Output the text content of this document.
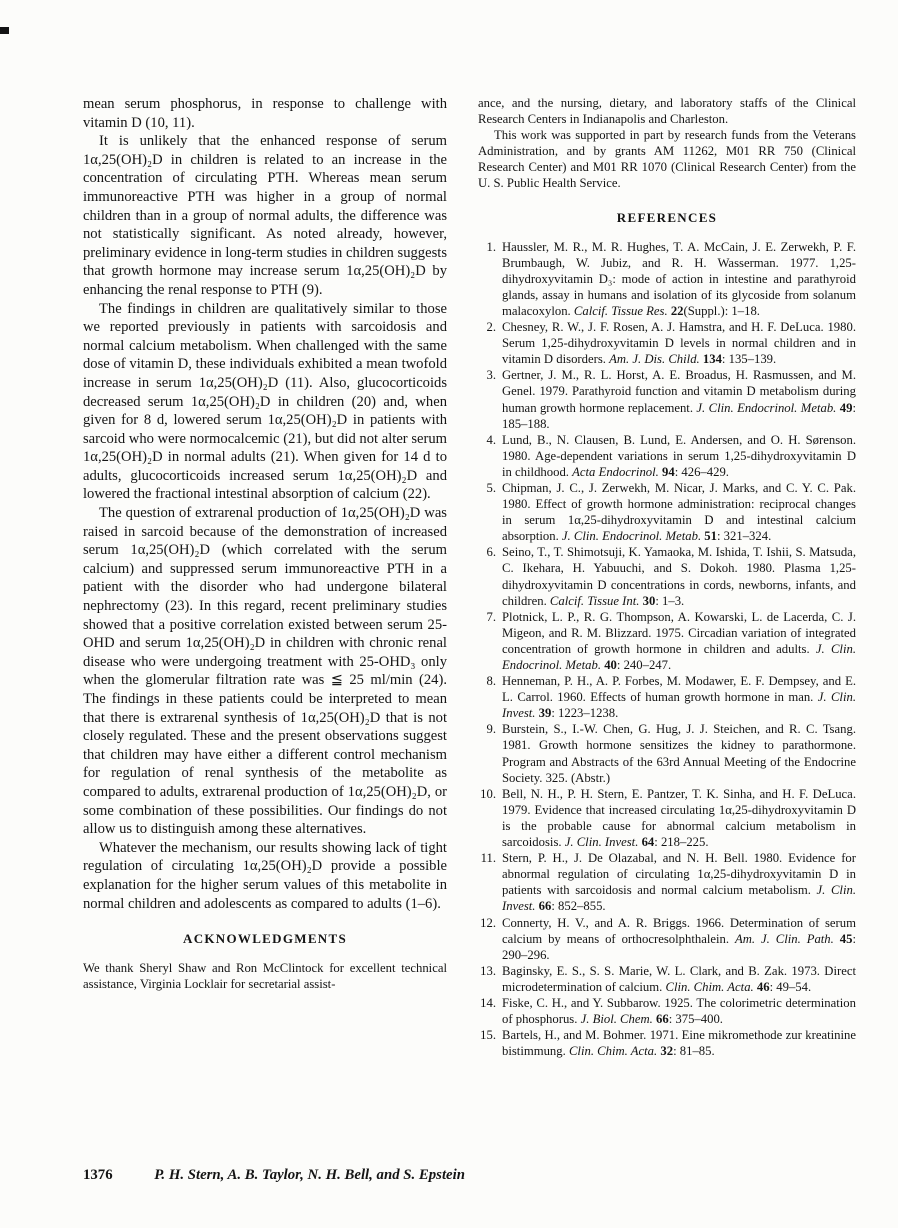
mean serum phosphorus, in response to challenge with vitamin D (10, 11).

It is unlikely that the enhanced response of serum 1α,25(OH)₂D in children is related to an increase in the concentration of circulating PTH. Whereas mean serum immunoreactive PTH was higher in a group of normal children than in a group of normal adults, the difference was not statistically significant. As noted already, however, preliminary evidence in long-term studies in children suggests that growth hormone may increase serum 1α,25(OH)₂D by enhancing the renal response to PTH (9).

The findings in children are qualitatively similar to those we reported previously in patients with sarcoidosis and normal calcium metabolism. When challenged with the same dose of vitamin D, these individuals exhibited a mean twofold increase in serum 1α,25(OH)₂D (11). Also, glucocorticoids decreased serum 1α,25(OH)₂D in children (20) and, when given for 8 d, lowered serum 1α,25(OH)₂D in patients with sarcoid who were normocalcemic (21), but did not alter serum 1α,25(OH)₂D in normal adults (21). When given for 14 d to adults, glucocorticoids increased serum 1α,25(OH)₂D and lowered the fractional intestinal absorption of calcium (22).

The question of extrarenal production of 1α,25(OH)₂D was raised in sarcoid because of the demonstration of increased serum 1α,25(OH)₂D (which correlated with the serum calcium) and suppressed serum immunoreactive PTH in a patient with the disorder who had undergone bilateral nephrectomy (23). In this regard, recent preliminary studies showed that a positive correlation existed between serum 25-OHD and serum 1α,25(OH)₂D in children with chronic renal disease who were undergoing treatment with 25-OHD₃ only when the glomerular filtration rate was ≦ 25 ml/min (24). The findings in these patients could be interpreted to mean that there is extrarenal synthesis of 1α,25(OH)₂D that is not closely regulated. These and the present observations suggest that children may have either a different control mechanism for regulation of renal synthesis of the metabolite as compared to adults, extrarenal production of 1α,25(OH)₂D, or some combination of these possibilities. Our findings do not allow us to distinguish among these alternatives.

Whatever the mechanism, our results showing lack of tight regulation of circulating 1α,25(OH)₂D provide a possible explanation for the higher serum values of this metabolite in normal children and adolescents as compared to adults (1–6).

ACKNOWLEDGMENTS

We thank Sheryl Shaw and Ron McClintock for excellent technical assistance, Virginia Locklair for secretarial assist-

ance, and the nursing, dietary, and laboratory staffs of the Clinical Research Centers in Indianapolis and Charleston.

This work was supported in part by research funds from the Veterans Administration, and by grants AM 11262, M01 RR 750 (Clinical Research Center) and M01 RR 1070 (Clinical Research Center) from the U. S. Public Health Service.

REFERENCES
1. Haussler, M. R., M. R. Hughes, T. A. McCain, J. E. Zerwekh, P. F. Brumbaugh, W. Jubiz, and R. H. Wasserman. 1977. 1,25-dihydroxyvitamin D₃: mode of action in intestine and parathyroid glands, assay in humans and isolation of its glycoside from solanum malacoxylon. Calcif. Tissue Res. 22(Suppl.): 1–18.
2. Chesney, R. W., J. F. Rosen, A. J. Hamstra, and H. F. DeLuca. 1980. Serum 1,25-dihydroxyvitamin D levels in normal children and in vitamin D disorders. Am. J. Dis. Child. 134: 135–139.
3. Gertner, J. M., R. L. Horst, A. E. Broadus, H. Rasmussen, and M. Genel. 1979. Parathyroid function and vitamin D metabolism during human growth hormone replacement. J. Clin. Endocrinol. Metab. 49: 185–188.
4. Lund, B., N. Clausen, B. Lund, E. Andersen, and O. H. Sørenson. 1980. Age-dependent variations in serum 1,25-dihydroxyvitamin D in childhood. Acta Endocrinol. 94: 426–429.
5. Chipman, J. C., J. Zerwekh, M. Nicar, J. Marks, and C. Y. C. Pak. 1980. Effect of growth hormone administration: reciprocal changes in serum 1α,25-dihydroxyvitamin D and intestinal calcium absorption. J. Clin. Endocrinol. Metab. 51: 321–324.
6. Seino, T., T. Shimotsuji, K. Yamaoka, M. Ishida, T. Ishii, S. Matsuda, C. Ikehara, H. Yabuuchi, and S. Dokoh. 1980. Plasma 1,25-dihydroxyvitamin D concentrations in cords, newborns, infants, and children. Calcif. Tissue Int. 30: 1–3.
7. Plotnick, L. P., R. G. Thompson, A. Kowarski, L. de Lacerda, C. J. Migeon, and R. M. Blizzard. 1975. Circadian variation of integrated concentration of growth hormone in children and adults. J. Clin. Endocrinol. Metab. 40: 240–247.
8. Henneman, P. H., A. P. Forbes, M. Modawer, E. F. Dempsey, and E. L. Carrol. 1960. Effects of human growth hormone in man. J. Clin. Invest. 39: 1223–1238.
9. Burstein, S., I.-W. Chen, G. Hug, J. J. Steichen, and R. C. Tsang. 1981. Growth hormone sensitizes the kidney to parathormone. Program and Abstracts of the 63rd Annual Meeting of the Endocrine Society. 325. (Abstr.)
10. Bell, N. H., P. H. Stern, E. Pantzer, T. K. Sinha, and H. F. DeLuca. 1979. Evidence that increased circulating 1α,25-dihydroxyvitamin D is the probable cause for abnormal calcium metabolism in sarcoidosis. J. Clin. Invest. 64: 218–225.
11. Stern, P. H., J. De Olazabal, and N. H. Bell. 1980. Evidence for abnormal regulation of circulating 1α,25-dihydroxyvitamin D in patients with sarcoidosis and normal calcium metabolism. J. Clin. Invest. 66: 852–855.
12. Connerty, H. V., and A. R. Briggs. 1966. Determination of serum calcium by means of orthocresolphthalein. Am. J. Clin. Path. 45: 290–296.
13. Baginsky, E. S., S. S. Marie, W. L. Clark, and B. Zak. 1973. Direct microdetermination of calcium. Clin. Chim. Acta. 46: 49–54.
14. Fiske, C. H., and Y. Subbarow. 1925. The colorimetric determination of phosphorus. J. Biol. Chem. 66: 375–400.
15. Bartels, H., and M. Bohmer. 1971. Eine mikromethode zur kreatinine bistimmung. Clin. Chim. Acta. 32: 81–85.
1376	P. H. Stern, A. B. Taylor, N. H. Bell, and S. Epstein
